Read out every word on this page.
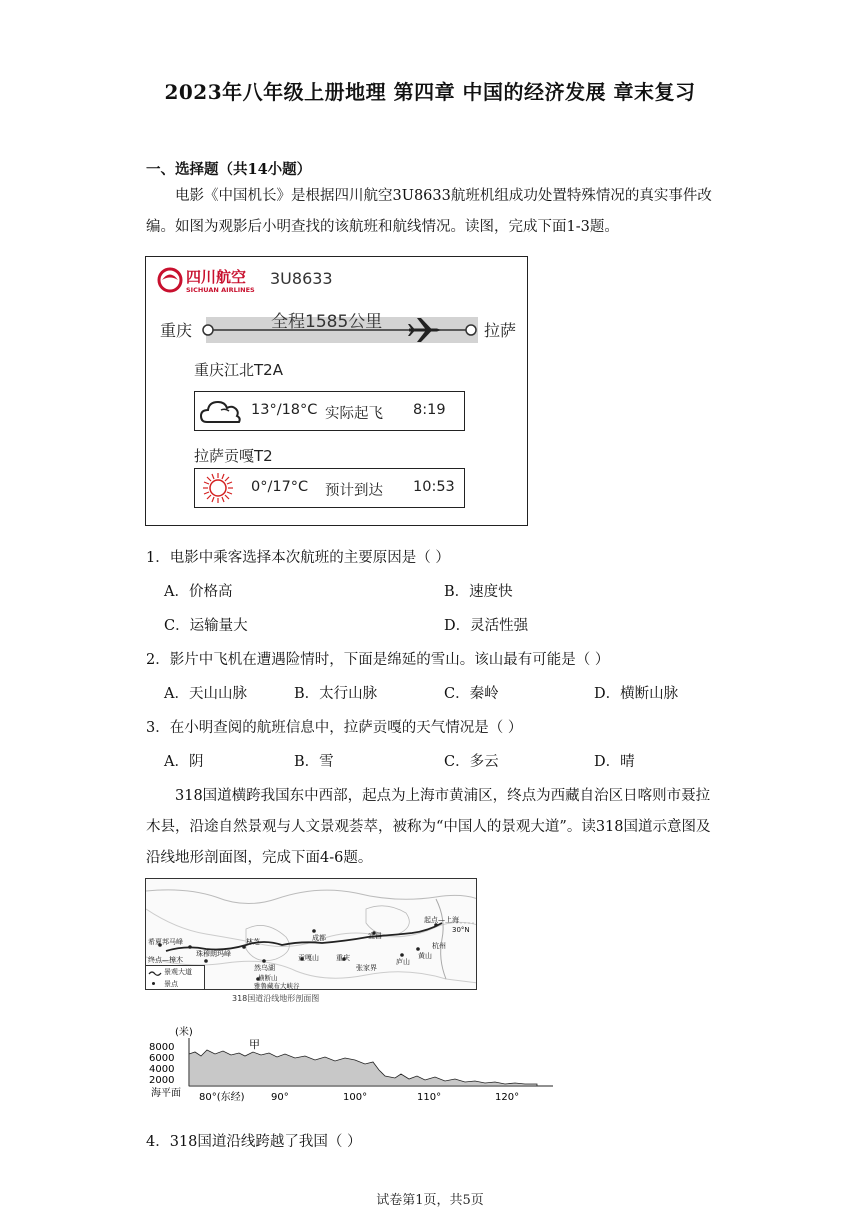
2023年八年级上册地理 第四章 中国的经济发展 章末复习
一、选择题（共14小题）
电影《中国机长》是根据四川航空3U8633航班机组成功处置特殊情况的真实事件改编。如图为观影后小明查找的该航班和航线情况。读图，完成下面1-3题。
四川航空
SICHUAN AIRLINES
3U8633
全程1585公里
重庆	拉萨
重庆江北T2A
13°/18°C 实际起飞 8:19
拉萨贡嘎T2
0°/17°C 预计到达 10:53
1．电影中乘客选择本次航班的主要原因是（ ）
A．价格高	B．速度快
C．运输量大	D．灵活性强
2．影片中飞机在遭遇险情时，下面是绵延的雪山。该山最有可能是（ ）
A．天山山脉	B．太行山脉	C．秦岭	D．横断山脉
3．在小明查阅的航班信息中，拉萨贡嘎的天气情况是（ ）
A．阴	B．雪	C．多云	D．晴
318国道横跨我国东中西部，起点为上海市黄浦区，终点为西藏自治区日喀则市聂拉木县，沿途自然景观与人文景观荟萃，被称为“中国人的景观大道”。读318国道示意图及沿线地形剖面图，完成下面4-6题。
起点—上海
30°N
希夏邦马峰
珠穆朗玛峰
林芝	成都	宜昌
杭州
终点—樟木
然乌湖
贡嘎山 重庆
张家界
庐山
黄山
雅鲁藏布大峡谷
横断山
景观大道
景点
318国道沿线地形剖面图
(米)
8000
6000
4000
2000
海平面
甲
80°(东经)	90°	100°	110°	120°
4．318国道沿线跨越了我国（ ）
试卷第1页，共5页
